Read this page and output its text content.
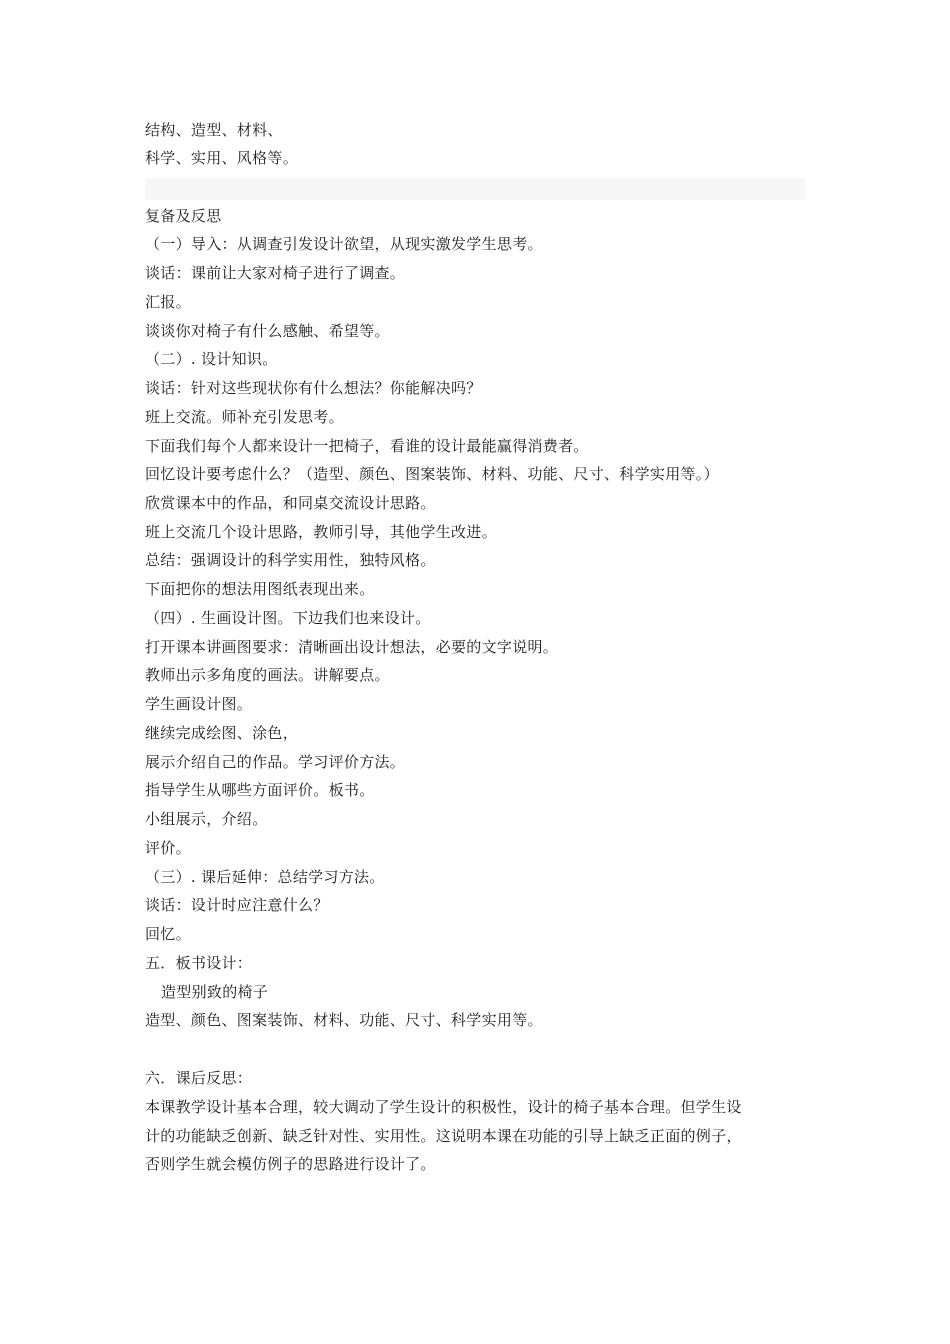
结构、造型、材料、
科学、实用、风格等。
复备及反思
（一）导入：从调查引发设计欲望，从现实激发学生思考。
谈话：课前让大家对椅子进行了调查。
汇报。
谈谈你对椅子有什么感触、希望等。
（二）. 设计知识。
谈话：针对这些现状你有什么想法？你能解决吗？
班上交流。师补充引发思考。
下面我们每个人都来设计一把椅子，看谁的设计最能赢得消费者。
回忆设计要考虑什么？（造型、颜色、图案装饰、材料、功能、尺寸、科学实用等。）
欣赏课本中的作品，和同桌交流设计思路。
班上交流几个设计思路，教师引导，其他学生改进。
总结：强调设计的科学实用性，独特风格。
下面把你的想法用图纸表现出来。
（四）. 生画设计图。下边我们也来设计。
打开课本讲画图要求：清晰画出设计想法，必要的文字说明。
教师出示多角度的画法。讲解要点。
学生画设计图。
继续完成绘图、涂色，
展示介绍自己的作品。学习评价方法。
指导学生从哪些方面评价。板书。
小组展示，介绍。
评价。
（三）. 课后延伸：总结学习方法。
谈话：设计时应注意什么？
回忆。
五．板书设计：
造型别致的椅子
造型、颜色、图案装饰、材料、功能、尺寸、科学实用等。
六．课后反思：
本课教学设计基本合理，较大调动了学生设计的积极性，设计的椅子基本合理。但学生设
计的功能缺乏创新、缺乏针对性、实用性。这说明本课在功能的引导上缺乏正面的例子，
否则学生就会模仿例子的思路进行设计了。
